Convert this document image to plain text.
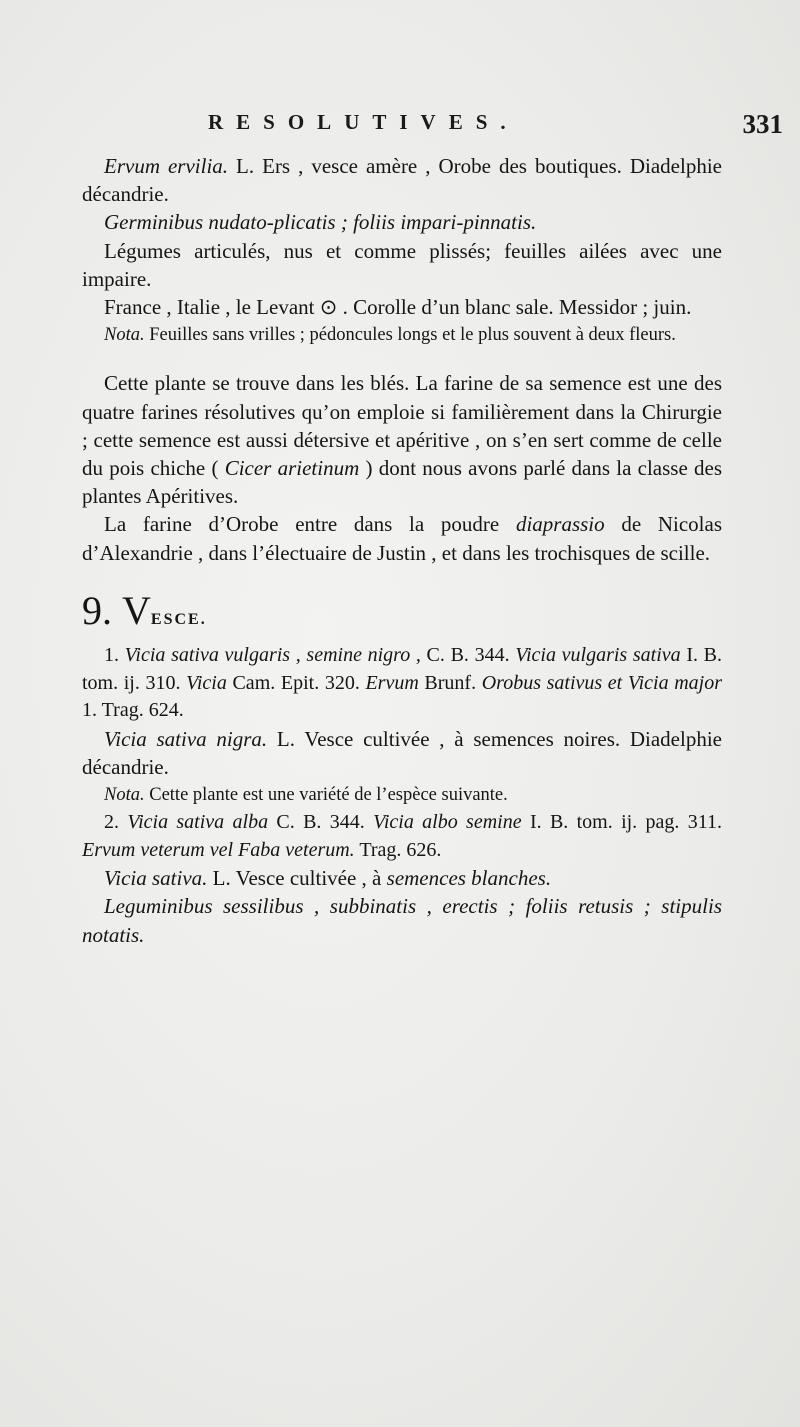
RESOLUTIVES.	331

Ervum ervilia. L. Ers , vesce amère , Orobe des boutiques. Diadelphie décandrie.

Germinibus nudato-plicatis ; foliis impari-pinnatis.

Légumes articulés, nus et comme plissés; feuilles ailées avec une impaire.

France , Italie , le Levant ⊙ . Corolle d’un blanc sale. Messidor ; juin.

Nota. Feuilles sans vrilles ; pédoncules longs et le plus souvent à deux fleurs.

Cette plante se trouve dans les blés. La farine de sa semence est une des quatre farines résolutives qu’on emploie si familièrement dans la Chirurgie ; cette semence est aussi détersive et apéritive , on s’en sert comme de celle du pois chiche ( Cicer arietinum ) dont nous avons parlé dans la classe des plantes Apéritives.

La farine d’Orobe entre dans la poudre diaprassio de Nicolas d’Alexandrie , dans l’électuaire de Justin , et dans les trochisques de scille.

9. V ESCE.

1. Vicia sativa vulgaris , semine nigro , C. B. 344. Vicia vulgaris sativa I. B. tom. ij. 310. Vicia Cam. Epit. 320. Ervum Brunf. Orobus sativus et Vicia major 1. Trag. 624.

Vicia sativa nigra. L. Vesce cultivée , à semences noires. Diadelphie décandrie.

Nota. Cette plante est une variété de l’espèce suivante.

2. Vicia sativa alba C. B. 344. Vicia albo semine I. B. tom. ij. pag. 311. Ervum veterum vel Faba veterum. Trag. 626.

Vicia sativa. L. Vesce cultivée , à semences blanches.

Leguminibus sessilibus , subbinatis , erectis ; foliis retusis ; stipulis notatis.
